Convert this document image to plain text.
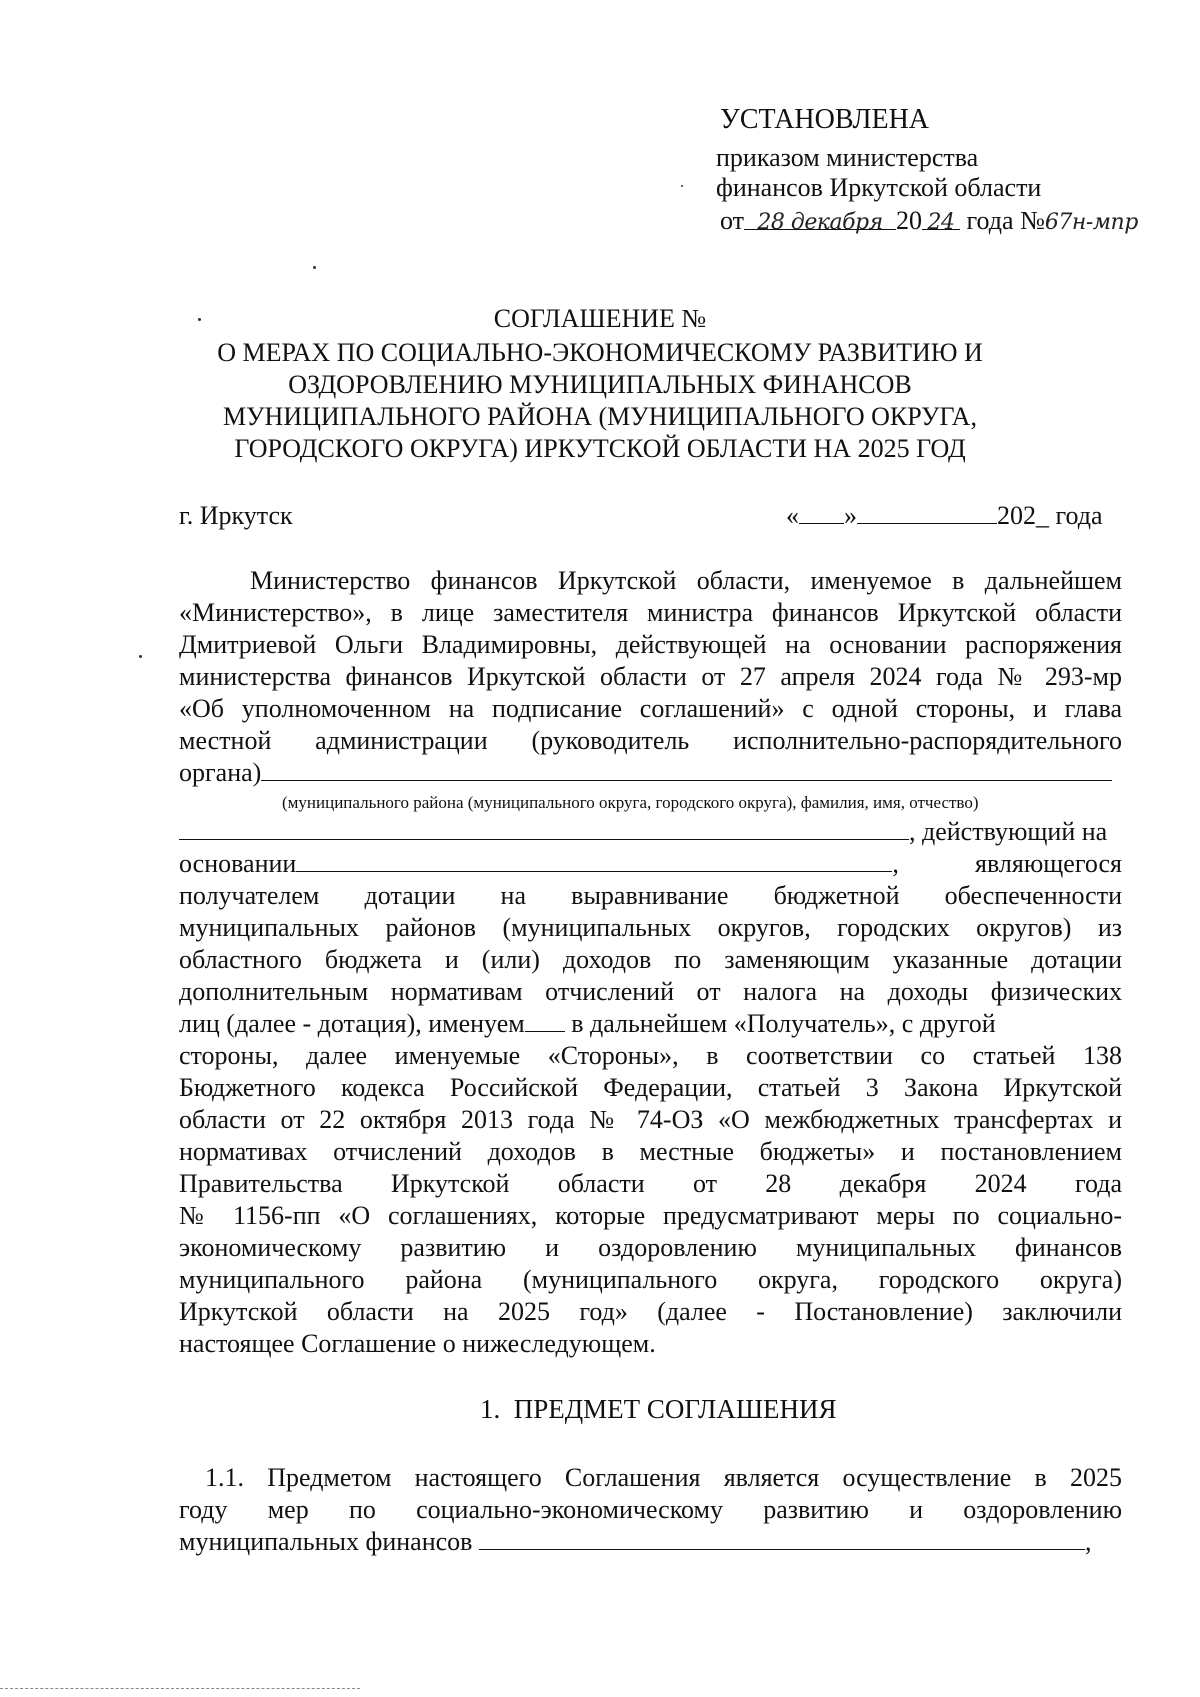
УСТАНОВЛЕНА
приказом министерства
финансов Иркутской области
от 28 декабря 20 24 года №67н-мпр
СОГЛАШЕНИЕ №
О МЕРАХ ПО СОЦИАЛЬНО-ЭКОНОМИЧЕСКОМУ РАЗВИТИЮ И
ОЗДОРОВЛЕНИЮ МУНИЦИПАЛЬНЫХ ФИНАНСОВ
МУНИЦИПАЛЬНОГО РАЙОНА (МУНИЦИПАЛЬНОГО ОКРУГА,
ГОРОДСКОГО ОКРУГА) ИРКУТСКОЙ ОБЛАСТИ НА 2025 ГОД
г. Иркутск	« »	202_ года
Министерство финансов Иркутской области, именуемое в дальнейшем
«Министерство», в лице заместителя министра финансов Иркутской области
Дмитриевой Ольги Владимировны, действующей на основании распоряжения
министерства финансов Иркутской области от 27 апреля 2024 года № 293-мр
«Об уполномоченном на подписание соглашений» с одной стороны, и глава
местной администрации (руководитель исполнительно-распорядительного
органа)
(муниципального района (муниципального округа, городского округа), фамилия, имя, отчество)
, действующий на
основании	,	являющегося
получателем дотации на выравнивание бюджетной обеспеченности
муниципальных районов (муниципальных округов, городских округов) из
областного бюджета и (или) доходов по заменяющим указанные дотации
дополнительным нормативам отчислений от налога на доходы физических
лиц (далее - дотация), именуем в дальнейшем «Получатель», с другой
стороны, далее именуемые «Стороны», в соответствии со статьей 138
Бюджетного кодекса Российской Федерации, статьей 3 Закона Иркутской
области от 22 октября 2013 года № 74-ОЗ «О межбюджетных трансфертах и
нормативах отчислений доходов в местные бюджеты» и постановлением
Правительства Иркутской области от 28 декабря 2024 года
№ 1156-пп «О соглашениях, которые предусматривают меры по социально-
экономическому развитию и оздоровлению муниципальных финансов
муниципального района (муниципального округа, городского округа)
Иркутской области на 2025 год» (далее - Постановление) заключили
настоящее Соглашение о нижеследующем.
1.  ПРЕДМЕТ СОГЛАШЕНИЯ
1.1. Предметом настоящего Соглашения является осуществление в 2025
году мер по социально-экономическому развитию и оздоровлению
муниципальных финансов	,
